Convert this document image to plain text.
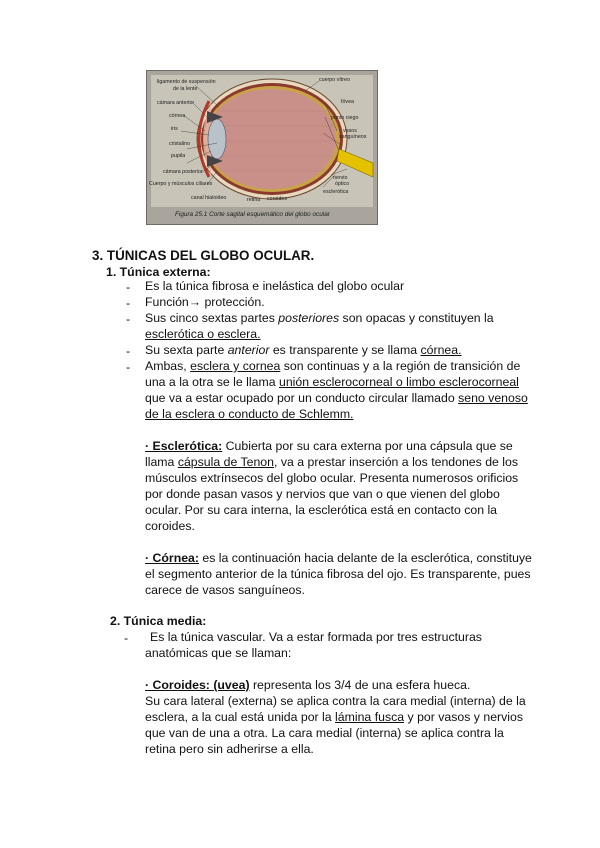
ligamento de suspensión
de la lente
cámara anterior
córnea
iris
cristalino
pupila
cámara posterior
Cuerpo y músculos ciliares
canal hialoideo	retina coroides
cuerpo vítreo
fóvea
punto ciego
vasos
sanguíneos
nervio
óptico
esclerótica
Figura 25.1 Corte sagital esquemático del globo ocular
3. TÚNICAS DEL GLOBO OCULAR.
1. Túnica externa:
- Es la túnica fibrosa e inelástica del globo ocular
- Función→ protección.
- Sus cinco sextas partes posteriores son opacas y constituyen la
esclerótica o esclera.
- Su sexta parte anterior es transparente y se llama córnea.
- Ambas, esclera y cornea son continuas y a la región de transición de
una a la otra se le llama unión esclerocorneal o limbo esclerocorneal
que va a estar ocupado por un conducto circular llamado seno venoso
de la esclera o conducto de Schlemm.
· Esclerótica: Cubierta por su cara externa por una cápsula que se
llama cápsula de Tenon, va a prestar inserción a los tendones de los
músculos extrínsecos del globo ocular. Presenta numerosos orificios
por donde pasan vasos y nervios que van o que vienen del globo
ocular. Por su cara interna, la esclerótica está en contacto con la
coroides.
· Córnea: es la continuación hacia delante de la esclerótica, constituye
el segmento anterior de la túnica fibrosa del ojo. Es transparente, pues
carece de vasos sanguíneos.
2. Túnica media:
- Es la túnica vascular. Va a estar formada por tres estructuras
anatómicas que se llaman:
· Coroides: (uvea) representa los 3/4 de una esfera hueca.
Su cara lateral (externa) se aplica contra la cara medial (interna) de la
esclera, a la cual está unida por la lámina fusca y por vasos y nervios
que van de una a otra. La cara medial (interna) se aplica contra la
retina pero sin adherirse a ella.
